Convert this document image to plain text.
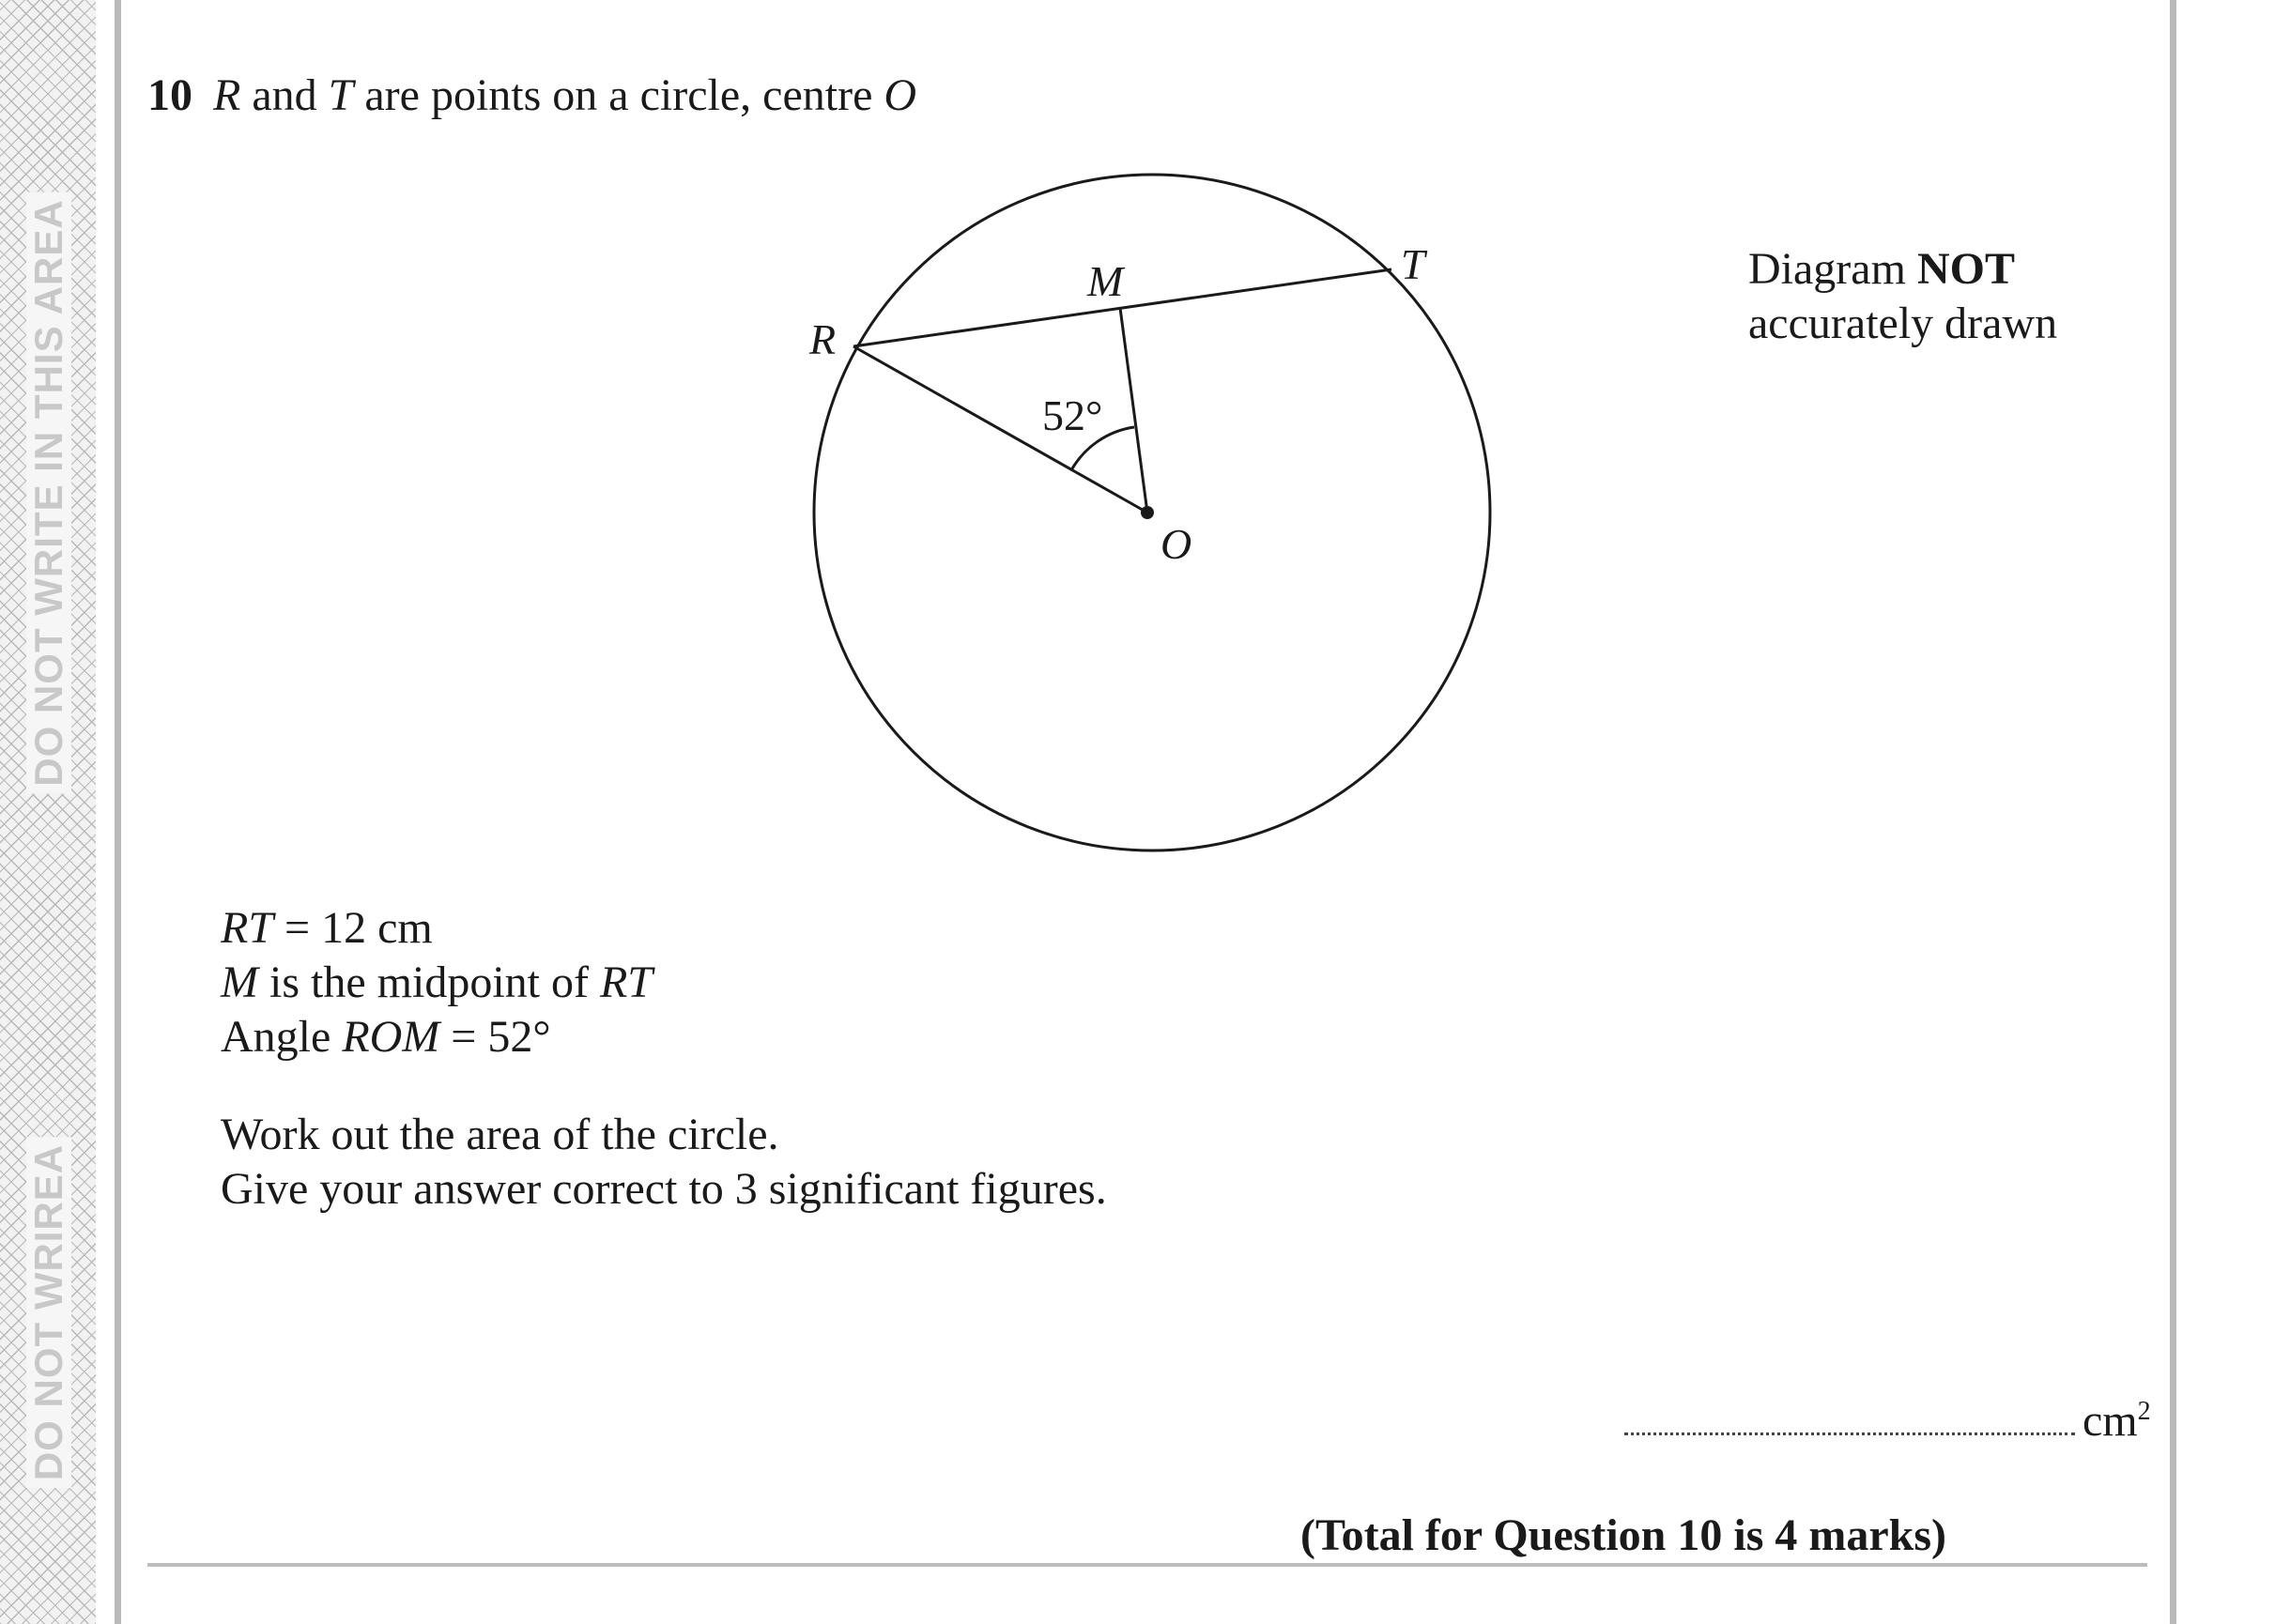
DO NOT WRITE IN THIS AREA
DO NOT WRIREA
10 R and T are points on a circle, centre O
R
T
M
O
52°
Diagram NOT
accurately drawn
RT = 12 cm
M is the midpoint of RT
Angle ROM = 52°
Work out the area of the circle.
Give your answer correct to 3 significant figures.
$cm^2$
(Total for Question 10 is 4 marks)
